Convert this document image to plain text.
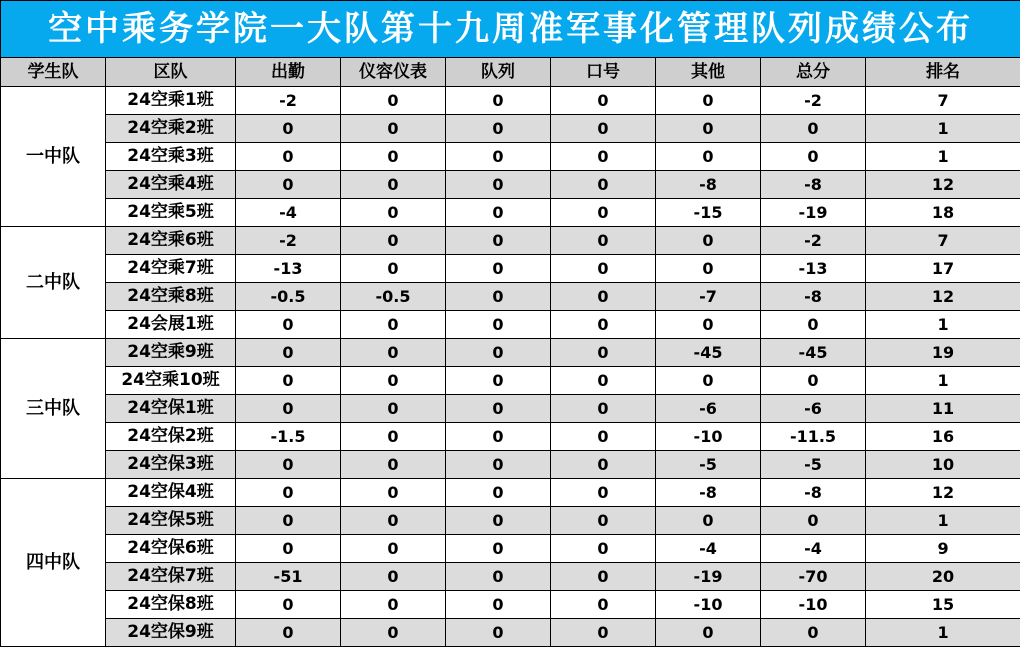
空中乘务学院一大队第十九周准军事化管理队列成绩公布								
学生队	区队	出勤	仪容仪表	队列	口号	其他	总分	排名
一中队	24空乘1班	-2	0	0	0	0	-2	7
	24空乘2班	0	0	0	0	0	0	1
	24空乘3班	0	0	0	0	0	0	1
	24空乘4班	0	0	0	0	-8	-8	12
	24空乘5班	-4	0	0	0	-15	-19	18
二中队	24空乘6班	-2	0	0	0	0	-2	7
	24空乘7班	-13	0	0	0	0	-13	17
	24空乘8班	-0.5	-0.5	0	0	-7	-8	12
	24会展1班	0	0	0	0	0	0	1
三中队	24空乘9班	0	0	0	0	-45	-45	19
	24空乘10班	0	0	0	0	0	0	1
	24空保1班	0	0	0	0	-6	-6	11
	24空保2班	-1.5	0	0	0	-10	-11.5	16
	24空保3班	0	0	0	0	-5	-5	10
四中队	24空保4班	0	0	0	0	-8	-8	12
	24空保5班	0	0	0	0	0	0	1
	24空保6班	0	0	0	0	-4	-4	9
	24空保7班	-51	0	0	0	-19	-70	20
	24空保8班	0	0	0	0	-10	-10	15
	24空保9班	0	0	0	0	0	0	1
